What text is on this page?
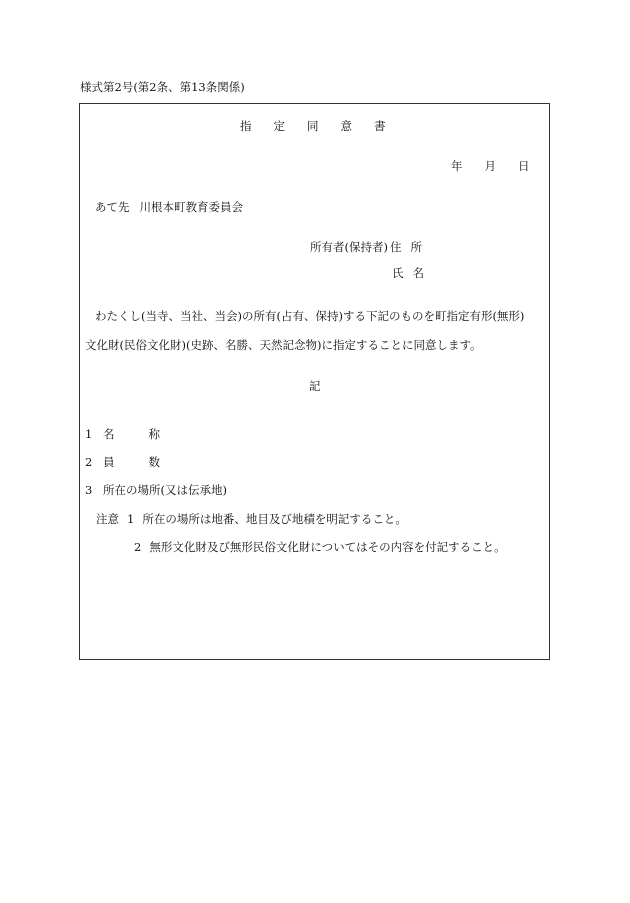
様式第2号(第2条、第13条関係)
指定同意書
年 月 日
あて先 川根本町教育委員会
所有者(保持者) 住所
氏名
わたくし(当寺、当社、当会)の所有(占有、保持)する下記のものを町指定有形(無形)
文化財(民俗文化財)(史跡、名勝、天然記念物)に指定することに同意します。
記
1 名称
2 員数
3 所在の場所(又は伝承地)
注意 1 所在の場所は地番、地目及び地積を明記すること。
2 無形文化財及び無形民俗文化財についてはその内容を付記すること。
